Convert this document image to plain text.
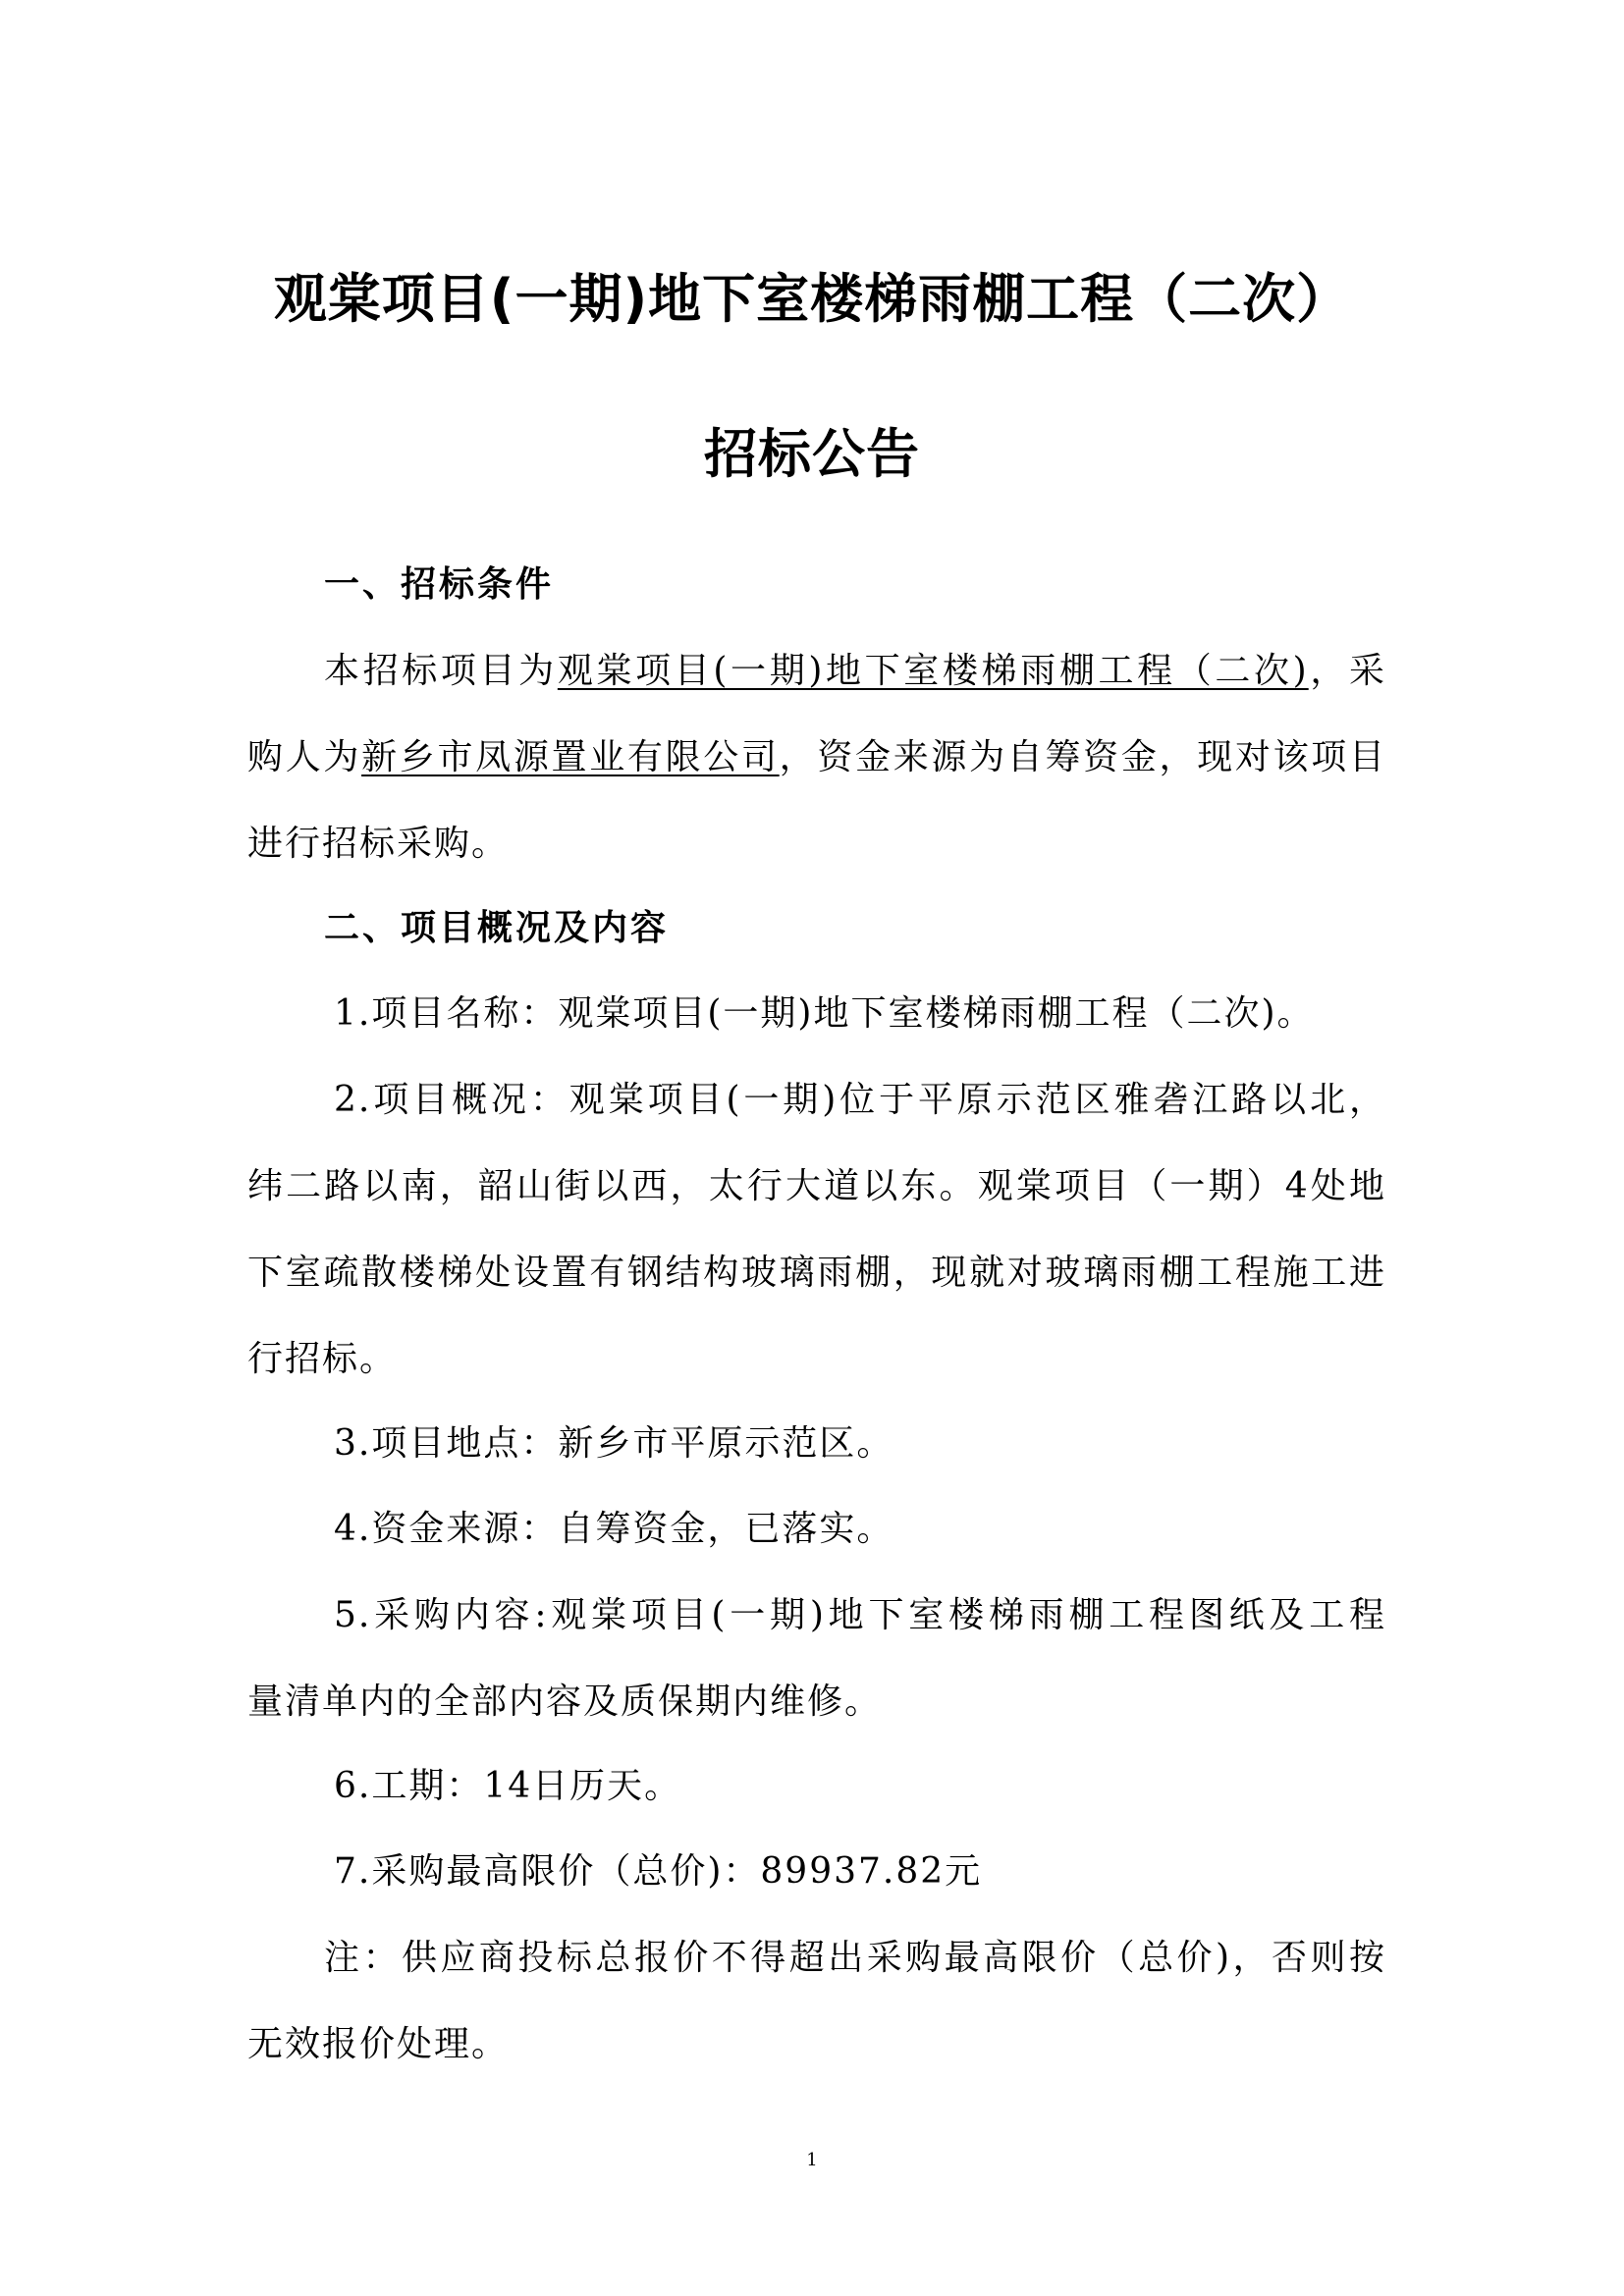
观棠项目(一期)地下室楼梯雨棚工程（二次）
招标公告
一、招标条件
本招标项目为观棠项目(一期)地下室楼梯雨棚工程（二次)，采
购人为新乡市凤源置业有限公司，资金来源为自筹资金，现对该项目
进行招标采购。
二、项目概况及内容
1.项目名称：观棠项目(一期)地下室楼梯雨棚工程（二次)。
2.项目概况：观棠项目(一期)位于平原示范区雅砻江路以北，
纬二路以南，韶山街以西，太行大道以东。观棠项目（一期）4处地
下室疏散楼梯处设置有钢结构玻璃雨棚，现就对玻璃雨棚工程施工进
行招标。
3.项目地点：新乡市平原示范区。
4.资金来源：自筹资金，已落实。
5.采购内容:观棠项目(一期)地下室楼梯雨棚工程图纸及工程
量清单内的全部内容及质保期内维修。
6.工期：14日历天。
7.采购最高限价（总价)：89937.82元
注：供应商投标总报价不得超出采购最高限价（总价)，否则按
无效报价处理。
1
